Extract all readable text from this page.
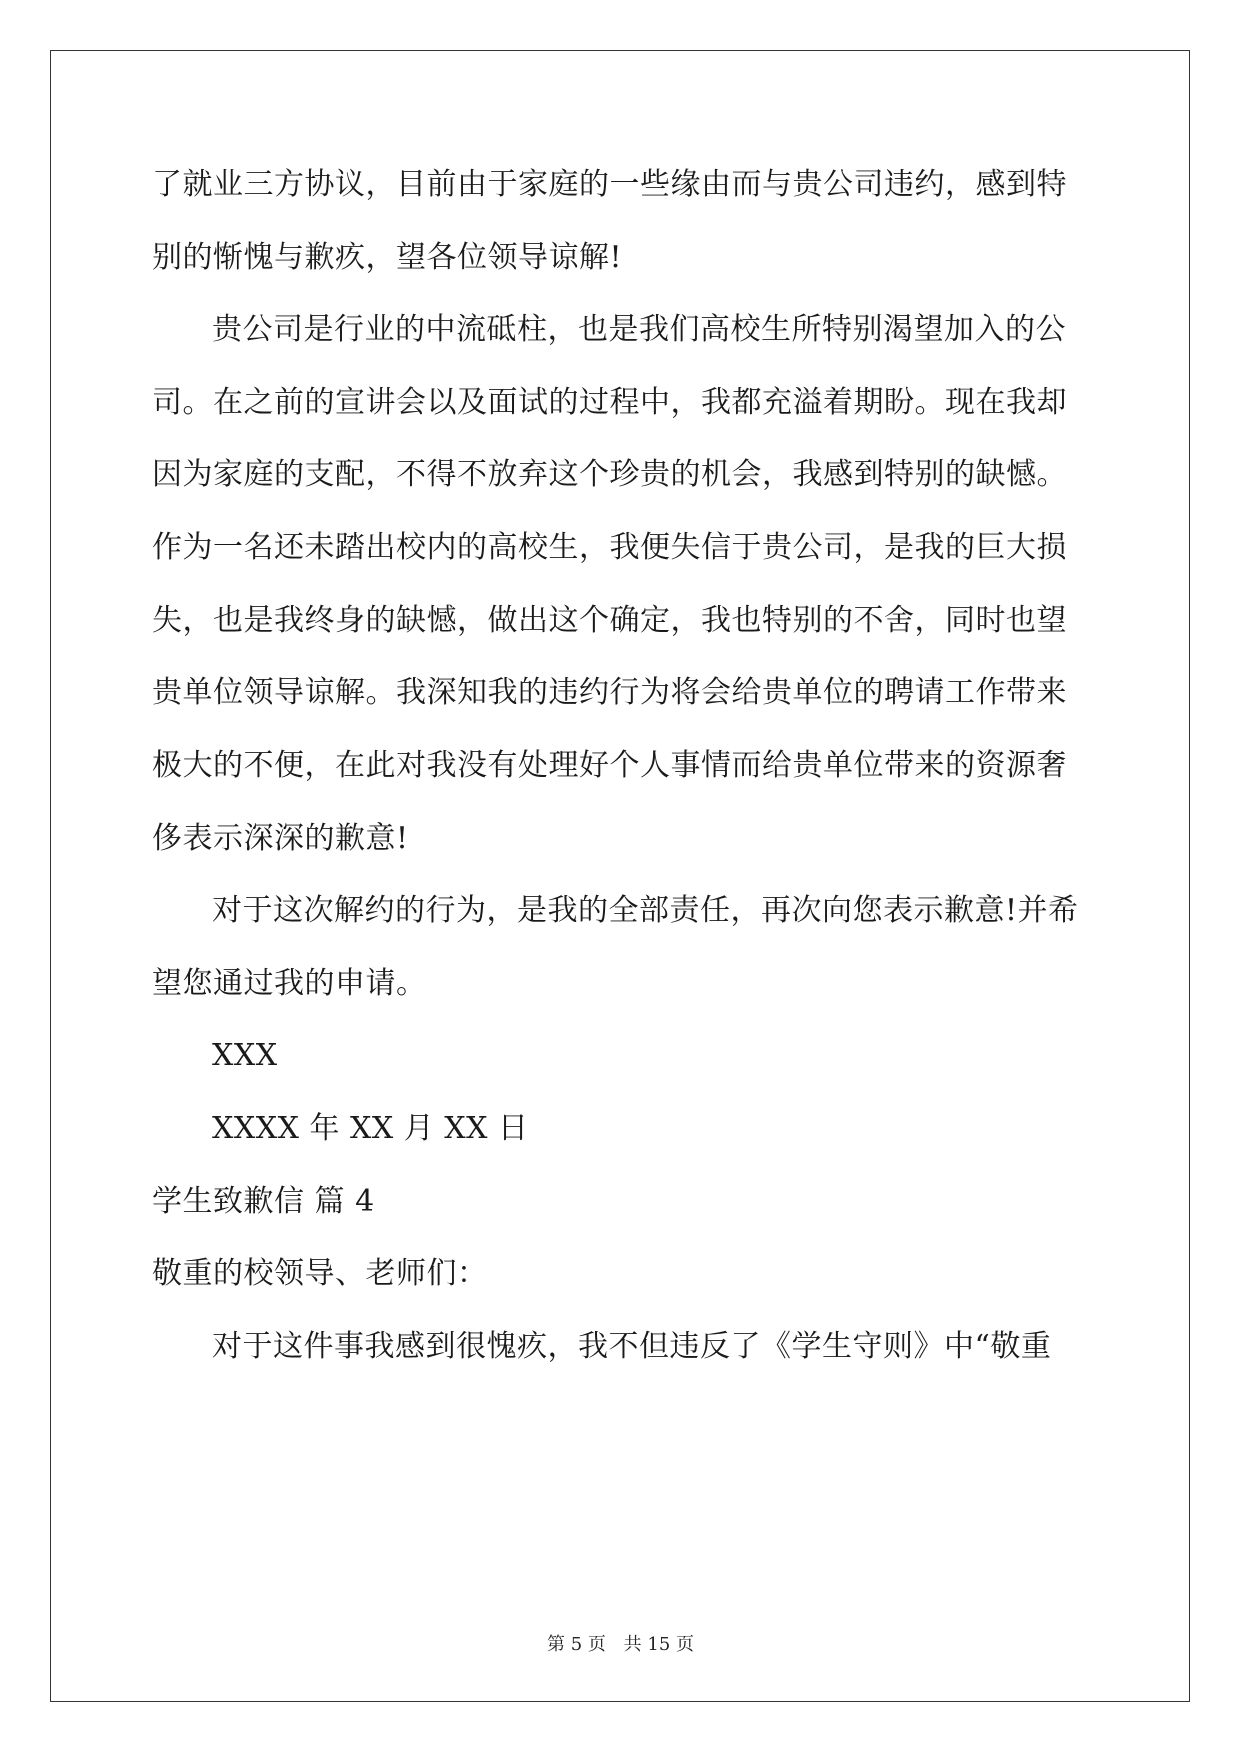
了就业三方协议，目前由于家庭的一些缘由而与贵公司违约，感到特
别的惭愧与歉疚，望各位领导谅解!
贵公司是行业的中流砥柱，也是我们高校生所特别渴望加入的公
司。在之前的宣讲会以及面试的过程中，我都充溢着期盼。现在我却
因为家庭的支配，不得不放弃这个珍贵的机会，我感到特别的缺憾。
作为一名还未踏出校内的高校生，我便失信于贵公司，是我的巨大损
失，也是我终身的缺憾，做出这个确定，我也特别的不舍，同时也望
贵单位领导谅解。我深知我的违约行为将会给贵单位的聘请工作带来
极大的不便，在此对我没有处理好个人事情而给贵单位带来的资源奢
侈表示深深的歉意!
对于这次解约的行为，是我的全部责任，再次向您表示歉意!并希
望您通过我的申请。
XXX
XXXX 年 XX 月 XX 日
学生致歉信 篇 4
敬重的校领导、老师们：
对于这件事我感到很愧疚，我不但违反了《学生守则》中“敬重
第 5 页 共 15 页
